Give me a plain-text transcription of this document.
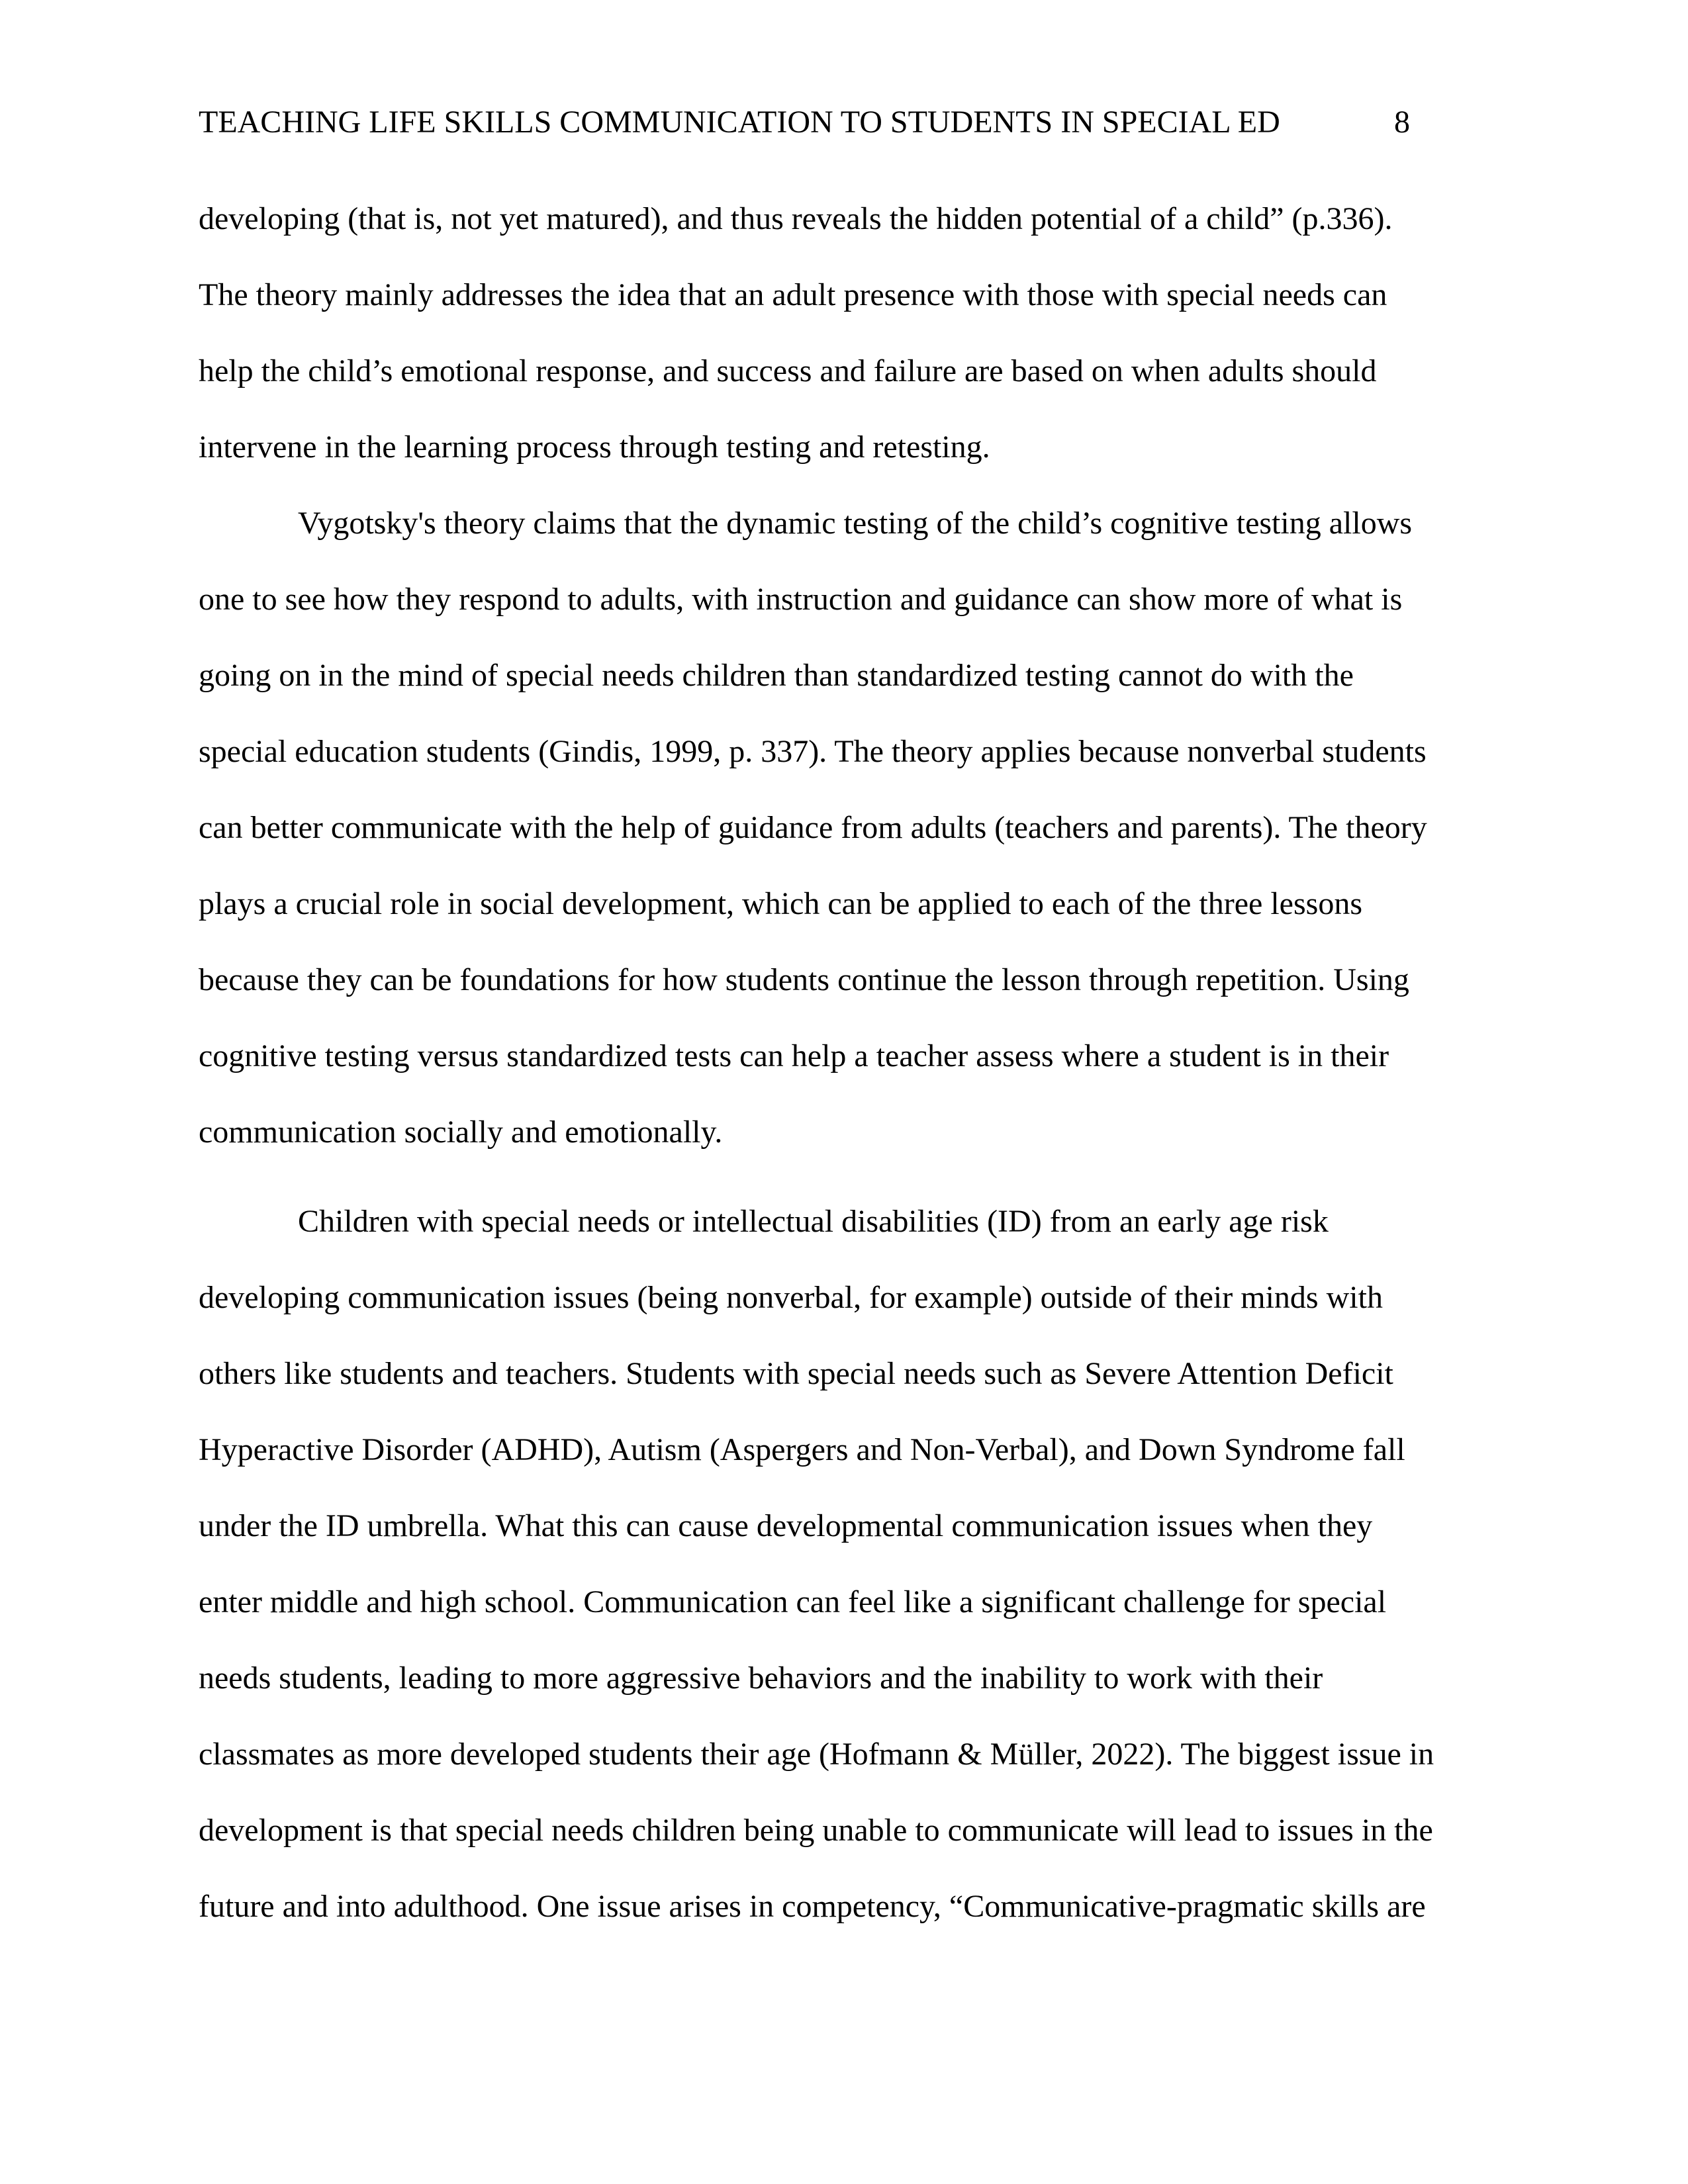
TEACHING LIFE SKILLS COMMUNICATION TO STUDENTS IN SPECIAL ED	8
developing (that is, not yet matured), and thus reveals the hidden potential of a child” (p.336).
The theory mainly addresses the idea that an adult presence with those with special needs can
help the child’s emotional response, and success and failure are based on when adults should
intervene in the learning process through testing and retesting.
Vygotsky's theory claims that the dynamic testing of the child’s cognitive testing allows
one to see how they respond to adults, with instruction and guidance can show more of what is
going on in the mind of special needs children than standardized testing cannot do with the
special education students (Gindis, 1999, p. 337). The theory applies because nonverbal students
can better communicate with the help of guidance from adults (teachers and parents). The theory
plays a crucial role in social development, which can be applied to each of the three lessons
because they can be foundations for how students continue the lesson through repetition. Using
cognitive testing versus standardized tests can help a teacher assess where a student is in their
communication socially and emotionally.
Children with special needs or intellectual disabilities (ID) from an early age risk
developing communication issues (being nonverbal, for example) outside of their minds with
others like students and teachers. Students with special needs such as Severe Attention Deficit
Hyperactive Disorder (ADHD), Autism (Aspergers and Non-Verbal), and Down Syndrome fall
under the ID umbrella. What this can cause developmental communication issues when they
enter middle and high school. Communication can feel like a significant challenge for special
needs students, leading to more aggressive behaviors and the inability to work with their
classmates as more developed students their age (Hofmann & Müller, 2022). The biggest issue in
development is that special needs children being unable to communicate will lead to issues in the
future and into adulthood. One issue arises in competency, “Communicative-pragmatic skills are
